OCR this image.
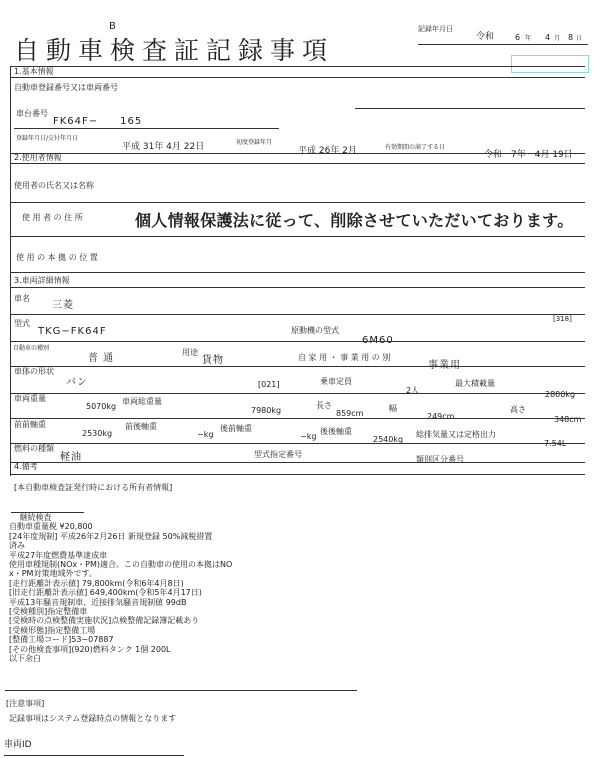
B
自動車検査証記録事項
記録年月日
令和	6 年 4 月 8 日
1.基本情報
自動車登録番号又は車両番号
車台番号
FK64F−　　165
登録年月日/交付年月日
平成 31年 4月 22日	初度登録年月
平成 26年 2月	有効期間の満了する日
令和　7年　4月 19日
2.使用者情報
使用者の氏名又は名称
使 用 者 の 住 所	個人情報保護法に従って、削除させていただいております。
使 用 の 本 拠 の 位 置
3.車両詳細情報
車名
三菱
[318]
型式
TKG−FK64F	原動機の型式
6M60
自動車の種別
普 通
用途
貨物	自 家 用 ・ 事 業 用 の 別
事業用
車体の形状
バン	[021]	乗車定員
2人
最大積載量
2800kg
車両重量
5070kg
車両総重量
7980kg
長さ
859cm
幅
249cm
高さ
348cm
前前軸重
2530kg
前後軸重
−kg
後前軸重
−kg
後後軸重
2540kg
総排気量又は定格出力
7.54L
燃料の種類
軽油	型式指定番号
類別区分番号
4.備考
[本自動車検査証発行時における所有者情報]
　 継続検査
自動車重量税 ¥20,800
[24年度規制] 平成26年2月26日 新規登録 50%減税措置
済み
平成27年度燃費基準達成車
使用車種規制(NOx・PM)適合。この自動車の使用の本拠はNO
x・PM対策地域外です。
[走行距離計表示値] 79,800km(令和6年4月8日)
[旧走行距離計表示値] 649,400km(令和5年4月17日)
平成13年騒音規制車、近接排気騒音規制値 99dB
[受検種別]指定整備車
[受検時の点検整備実施状況]点検整備記録簿記載あり
[受検形態]指定整備工場
[整備工場コード]53−07887
[その他検査事項](920)燃料タンク 1個 200L
以下余白
[注意事項]
記録事項はシステム登録時点の情報となります
車両ID
